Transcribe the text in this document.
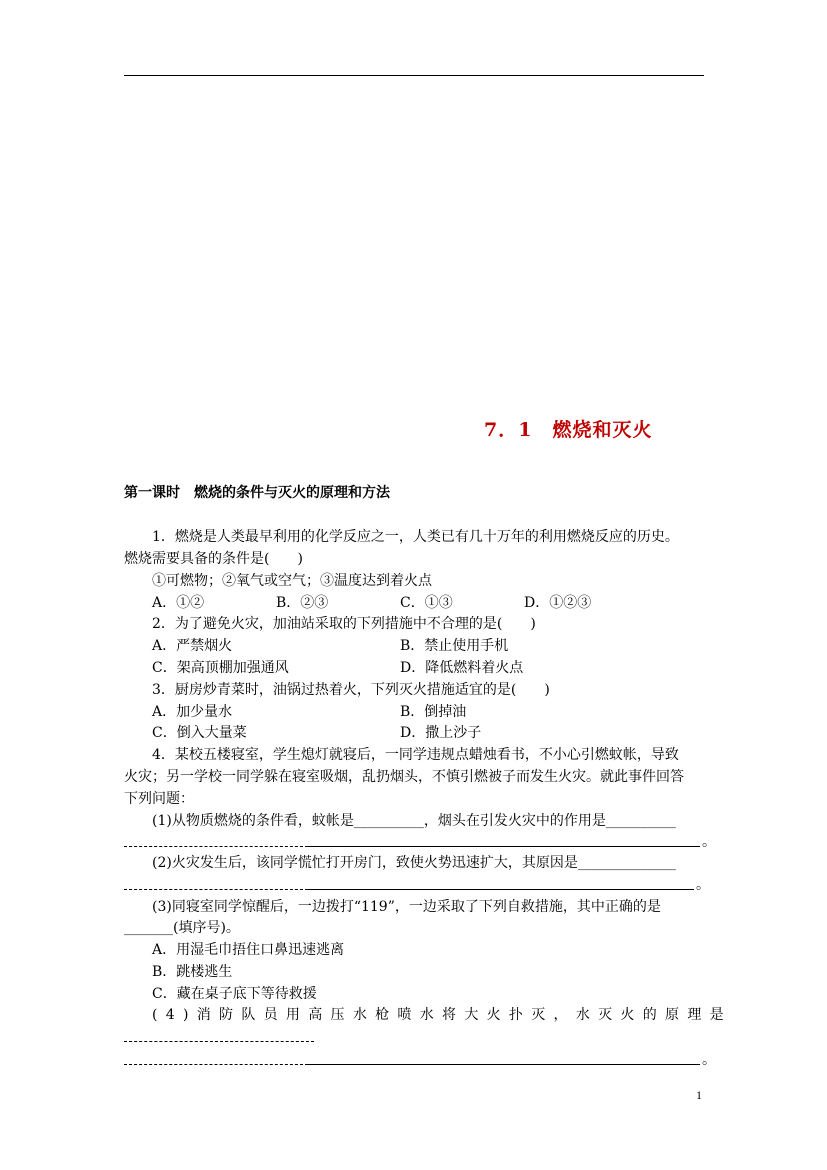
7．1　燃烧和灭火
第一课时　燃烧的条件与灭火的原理和方法
1．燃烧是人类最早利用的化学反应之一，人类已有几十万年的利用燃烧反应的历史。
燃烧需要具备的条件是(　　)
①可燃物；②氧气或空气；③温度达到着火点
A．①②	B．②③	C．①③	D．①②③
2．为了避免火灾，加油站采取的下列措施中不合理的是(　　)
A．严禁烟火	B．禁止使用手机
C．架高顶棚加强通风	D．降低燃料着火点
3．厨房炒青菜时，油锅过热着火，下列灭火措施适宜的是(　　)
A．加少量水	B．倒掉油
C．倒入大量菜	D．撒上沙子
4．某校五楼寝室，学生熄灯就寝后，一同学违规点蜡烛看书，不小心引燃蚊帐，导致
火灾；另一学校一同学躲在寝室吸烟，乱扔烟头，不慎引燃被子而发生火灾。就此事件回答
下列问题：
(1)从物质燃烧的条件看，蚊帐是__________，烟头在引发火灾中的作用是__________
。
(2)火灾发生后，该同学慌忙打开房门，致使火势迅速扩大，其原因是______________
。
(3)同寝室同学惊醒后，一边拨打“119”，一边采取了下列自救措施，其中正确的是
_______(填序号)。
A．用湿毛巾捂住口鼻迅速逃离
B．跳楼逃生
C．藏在桌子底下等待救援
(4)消防队员用高压水枪喷水将大火扑灭，水灭火的原理是
。
1
